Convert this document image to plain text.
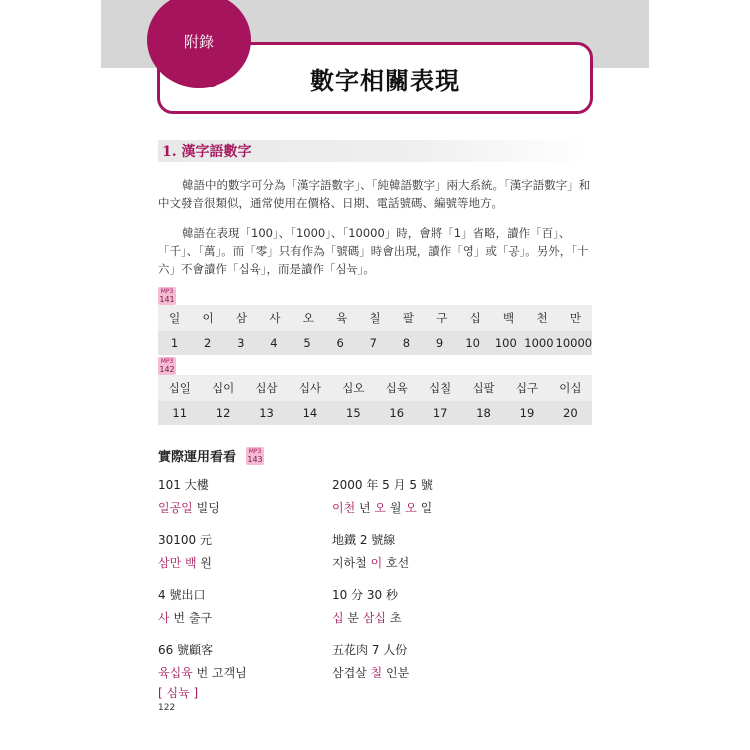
附錄
數字相關表現
1. 漢字語數字

韓語中的數字可分為「漢字語數字」、「純韓語數字」兩大系統。「漢字語數字」和中文發音很類似，通常使用在價格、日期、電話號碼、編號等地方。

韓語在表現「100」、「1000」、「10000」時，會將「1」省略，讀作「百」、「千」、「萬」。而「零」只有作為「號碼」時會出現，讀作「영」或「공」。另外，「十六」不會讀作「십육」，而是讀作「심뉵」。

MP3
141
일	이	삼	사	오	육	칠	팔	구	십	백	천	만
1	2	3	4	5	6	7	8	9	10	100 1000 10000
MP3
142
십일	십이	십삼	십사	십오	십육	십칠	십팔	십구	이십
11	12	13	14	15	16	17	18	19	20
實際運用看看	MP3
143
101 大樓
일공일 빌딩
30100 元
삼만 백 원
4 號出口
사 번 출구
66 號顧客
육십육 번 고객님
[ 심뉵 ]
2000 年 5 月 5 號
이천 년 오 월 오 일
地鐵 2 號線
지하철 이 호선
10 分 30 秒
십 분 삼십 초
五花肉 7 人份
삼겹살 칠 인분
122
